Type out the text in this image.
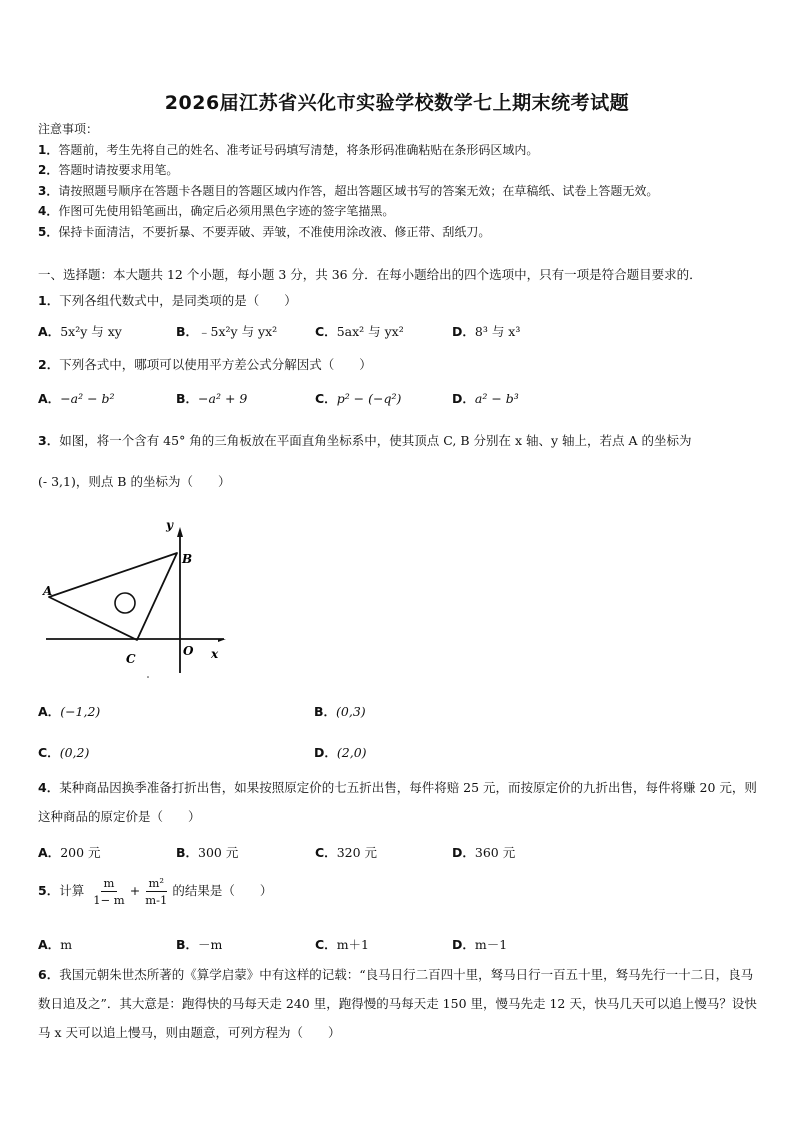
2026届江苏省兴化市实验学校数学七上期末统考试题
注意事项：
1．答题前，考生先将自己的姓名、准考证号码填写清楚，将条形码准确粘贴在条形码区域内。
2．答题时请按要求用笔。
3．请按照题号顺序在答题卡各题目的答题区域内作答，超出答题区域书写的答案无效；在草稿纸、试卷上答题无效。
4．作图可先使用铅笔画出，确定后必须用黑色字迹的签字笔描黑。
5．保持卡面清洁，不要折暴、不要弄破、弄皱，不准使用涂改液、修正带、刮纸刀。
一、选择题：本大题共 12 个小题，每小题 3 分，共 36 分．在每小题给出的四个选项中，只有一项是符合题目要求的．
1．下列各组代数式中，是同类项的是（　　）
A．5x²y 与 xy	B．﹣5x²y 与 yx²	C．5ax² 与 yx²	D．8³ 与 x³
2．下列各式中，哪项可以使用平方差公式分解因式（　　）
A．−a² − b²	B．−a² + 9	C．p² − (−q²)	D．a² − b³
3．如图，将一个含有 45° 角的三角板放在平面直角坐标系中，使其顶点 C, B 分别在 x 轴、y 轴上，若点 A 的坐标为
(- 3,1)，则点 B 的坐标为（　　）
y
B
A
C
O x
A．(−1,2)	B．(0,3)
C．(0,2)	D．(2,0)
4．某种商品因换季准备打折出售，如果按照原定价的七五折出售，每件将赔 25 元，而按原定价的九折出售，每件将赚 20 元，则这种商品的原定价是（　　）
A．200 元	B．300 元	C．320 元	D．360 元
5．计算 $\frac{m}{1- m} + \frac{\text{m²}}{m-1}$ 的结果是（　　）
A．m	B．－m	C．m＋1	D．m－1
6．我国元朝朱世杰所著的《算学启蒙》中有这样的记载：“良马日行二百四十里，驽马日行一百五十里，驽马先行一十二日，良马数日追及之”．其大意是：跑得快的马每天走 240 里，跑得慢的马每天走 150 里，慢马先走 12 天，快马几天可以追上慢马？设快马 x 天可以追上慢马，则由题意，可列方程为（　　）
